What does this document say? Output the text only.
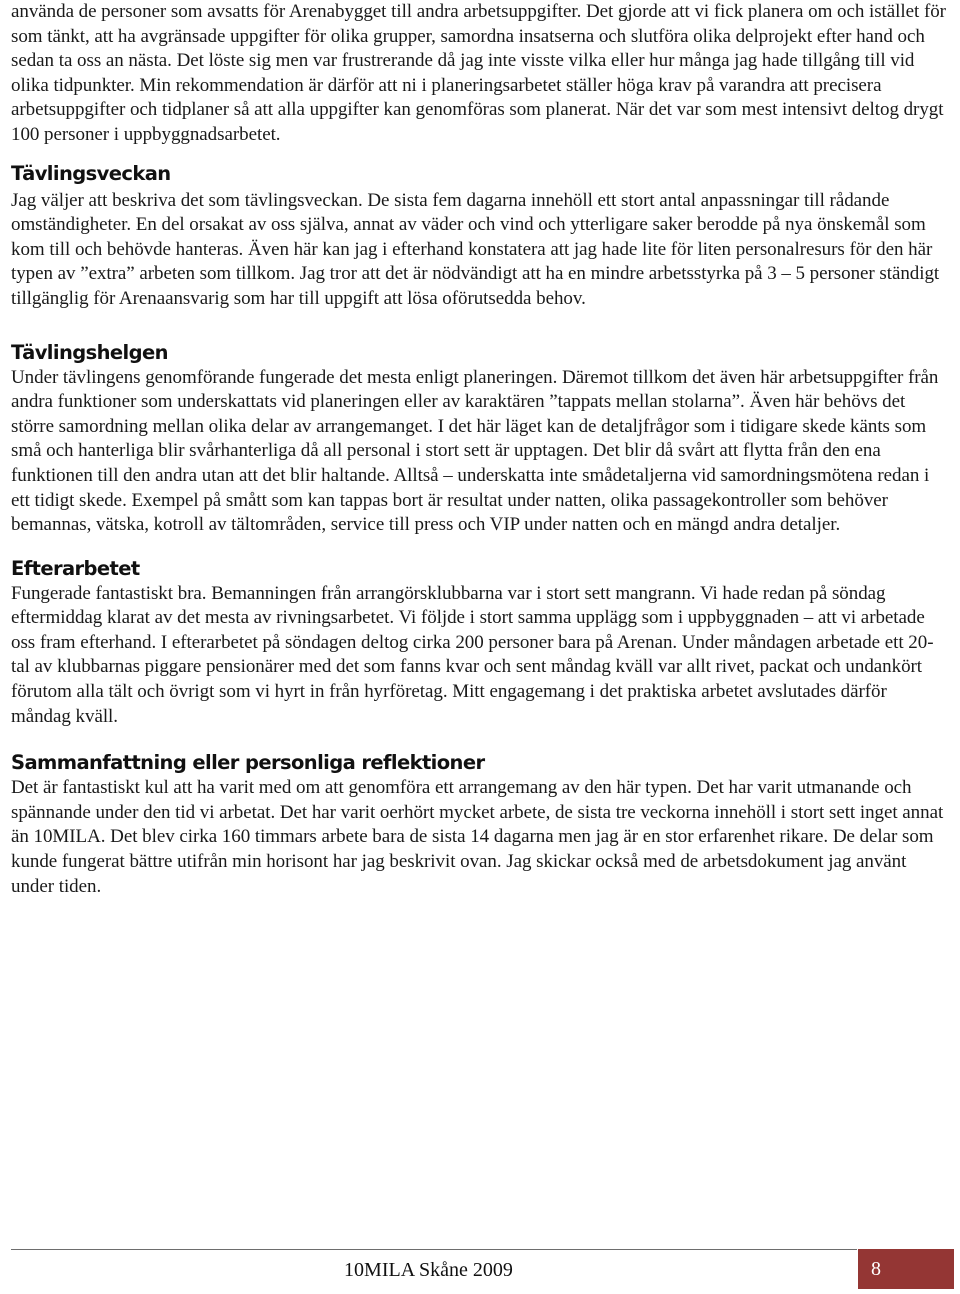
använda de personer som avsatts för Arenabygget till andra arbetsuppgifter. Det gjorde att vi fick planera om och istället för som tänkt, att ha avgränsade uppgifter för olika grupper, samordna insatserna och slutföra olika delprojekt efter hand och sedan ta oss an nästa. Det löste sig men var frustrerande då jag inte visste vilka eller hur många jag hade tillgång till vid olika tidpunkter. Min rekommendation är därför att ni i planeringsarbetet ställer höga krav på varandra att precisera arbetsuppgifter och tidplaner så att alla uppgifter kan genomföras som planerat. När det var som mest intensivt deltog drygt 100 personer i uppbyggnadsarbetet.

Tävlingsveckan

Jag väljer att beskriva det som tävlingsveckan. De sista fem dagarna innehöll ett stort antal anpassningar till rådande omständigheter. En del orsakat av oss själva, annat av väder och vind och ytterligare saker berodde på nya önskemål som kom till och behövde hanteras. Även här kan jag i efterhand konstatera att jag hade lite för liten personalresurs för den här typen av ”extra” arbeten som tillkom. Jag tror att det är nödvändigt att ha en mindre arbetsstyrka på 3 – 5 personer ständigt tillgänglig för Arenaansvarig som har till uppgift att lösa oförutsedda behov.

Tävlingshelgen

Under tävlingens genomförande fungerade det mesta enligt planeringen. Däremot tillkom det även här arbetsuppgifter från andra funktioner som underskattats vid planeringen eller av karaktären ”tappats mellan stolarna”. Även här behövs det större samordning mellan olika delar av arrangemanget. I det här läget kan de detaljfrågor som i tidigare skede känts som små och hanterliga blir svårhanterliga då all personal i stort sett är upptagen. Det blir då svårt att flytta från den ena funktionen till den andra utan att det blir haltande. Alltså – underskatta inte smådetaljerna vid samordningsmötena redan i ett tidigt skede. Exempel på smått som kan tappas bort är resultat under natten, olika passagekontroller som behöver bemannas, vätska, kotroll av tältområden, service till press och VIP under natten och en mängd andra detaljer.

Efterarbetet

Fungerade fantastiskt bra. Bemanningen från arrangörsklubbarna var i stort sett mangrann. Vi hade redan på söndag eftermiddag klarat av det mesta av rivningsarbetet. Vi följde i stort samma upplägg som i uppbyggnaden – att vi arbetade oss fram efterhand. I efterarbetet på söndagen deltog cirka 200 personer bara på Arenan. Under måndagen arbetade ett 20-tal av klubbarnas piggare pensionärer med det som fanns kvar och sent måndag kväll var allt rivet, packat och undankört förutom alla tält och övrigt som vi hyrt in från hyrföretag. Mitt engagemang i det praktiska arbetet avslutades därför måndag kväll.

Sammanfattning eller personliga reflektioner

Det är fantastiskt kul att ha varit med om att genomföra ett arrangemang av den här typen. Det har varit utmanande och spännande under den tid vi arbetat. Det har varit oerhört mycket arbete, de sista tre veckorna innehöll i stort sett inget annat än 10MILA. Det blev cirka 160 timmars arbete bara de sista 14 dagarna men jag är en stor erfarenhet rikare. De delar som kunde fungerat bättre utifrån min horisont har jag beskrivit ovan. Jag skickar också med de arbetsdokument jag använt under tiden.

10MILA Skåne 2009	8
